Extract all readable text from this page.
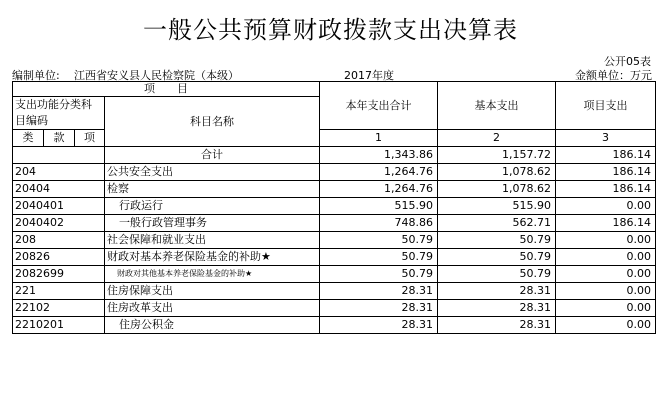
一般公共预算财政拨款支出决算表
公开05表
编制单位: 江西省安义县人民检察院（本级）	2017年度	金额单位：万元
项　　目				本年支出合计	基本支出	项目支出
支出功能分类科目编码			科目名称			
类	款	项				
				1	2	3
			合计	1,343.86	1,157.72	186.14
204			公共安全支出	1,264.76	1,078.62	186.14
20404			检察	1,264.76	1,078.62	186.14
2040401			行政运行	515.90	515.90	0.00
2040402			一般行政管理事务	748.86	562.71	186.14
208			社会保障和就业支出	50.79	50.79	0.00
20826			财政对基本养老保险基金的补助★	50.79	50.79	0.00
2082699			财政对其他基本养老保险基金的补助★	50.79	50.79	0.00
221			住房保障支出	28.31	28.31	0.00
22102			住房改革支出	28.31	28.31	0.00
2210201			住房公积金	28.31	28.31	0.00
